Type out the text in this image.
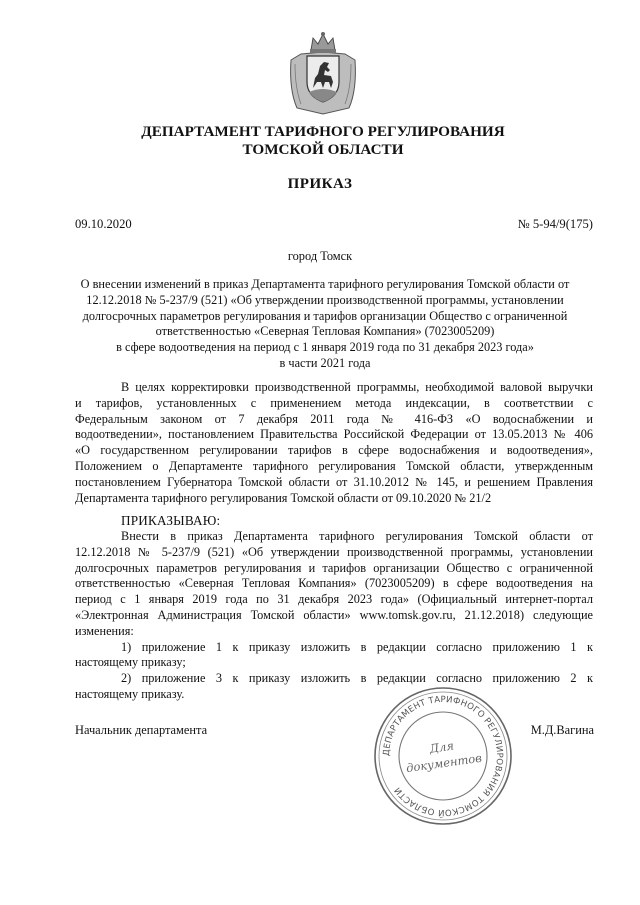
ДЕПАРТАМЕНТ ТАРИФНОГО РЕГУЛИРОВАНИЯ
ТОМСКОЙ ОБЛАСТИ
ПРИКАЗ
09.10.2020	№ 5-94/9(175)
город Томск
О внесении изменений в приказ Департамента тарифного регулирования Томской области от
12.12.2018 № 5-237/9 (521) «Об утверждении производственной программы, установлении
долгосрочных параметров регулирования и тарифов организации Общество с ограниченной
ответственностью «Северная Тепловая Компания» (7023005209)
в сфере водоотведения на период с 1 января 2019 года по 31 декабря 2023 года»
в части 2021 года
В целях корректировки производственной программы, необходимой валовой выручки
и тарифов, установленных с применением метода индексации, в соответствии с
Федеральным законом от 7 декабря 2011 года № 416-ФЗ «О водоснабжении и
водоотведении», постановлением Правительства Российской Федерации от 13.05.2013 № 406
«О государственном регулировании тарифов в сфере водоснабжения и водоотведения»,
Положением о Департаменте тарифного регулирования Томской области, утвержденным
постановлением Губернатора Томской области от 31.10.2012 № 145, и решением Правления
Департамента тарифного регулирования Томской области от 09.10.2020 № 21/2
ПРИКАЗЫВАЮ:
Внести в приказ Департамента тарифного регулирования Томской области от
12.12.2018 № 5-237/9 (521) «Об утверждении производственной программы, установлении
долгосрочных параметров регулирования и тарифов организации Общество с ограниченной
ответственностью «Северная Тепловая Компания» (7023005209) в сфере водоотведения на
период с 1 января 2019 года по 31 декабря 2023 года» (Официальный интернет-портал
«Электронная Администрация Томской области» www.tomsk.gov.ru, 21.12.2018) следующие
изменения:
1) приложение 1 к приказу изложить в редакции согласно приложению 1 к
настоящему приказу;
2) приложение 3 к приказу изложить в редакции согласно приложению 2 к
настоящему приказу.
Начальник департамента	М.Д.Вагина
ДЕПАРТАМЕНТ ТАРИФНОГО РЕГУЛИРОВАНИЯ ТОМСКОЙ ОБЛАСТИ
Для
документов
